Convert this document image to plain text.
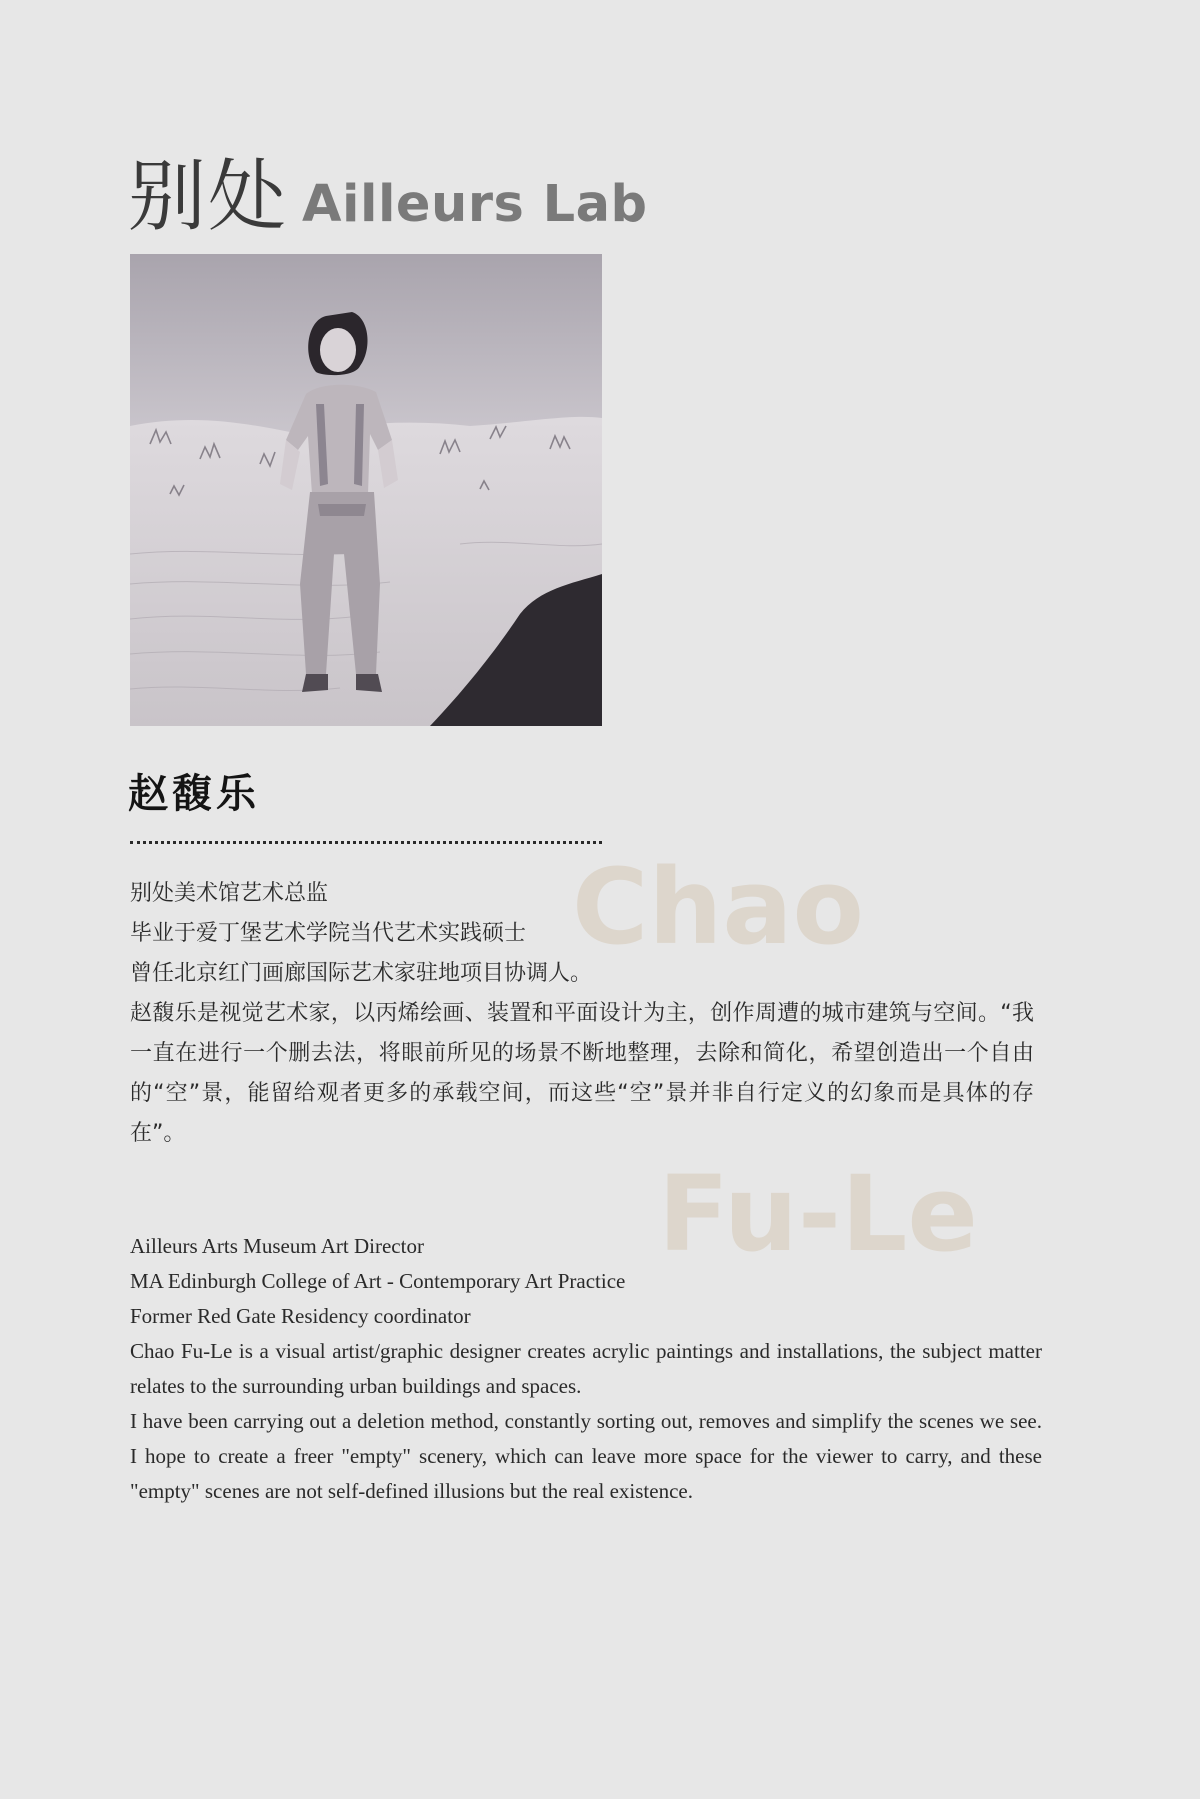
别处 Ailleurs Lab
赵馥乐
Chao
Fu-Le

别处美术馆艺术总监

毕业于爱丁堡艺术学院当代艺术实践硕士

曾任北京红门画廊国际艺术家驻地项目协调人。

赵馥乐是视觉艺术家，以丙烯绘画、装置和平面设计为主，创作周遭的城市建筑与空间。“我一直在进行一个删去法，将眼前所见的场景不断地整理，去除和简化，希望创造出一个自由的“空”景，能留给观者更多的承载空间，而这些“空”景并非自行定义的幻象而是具体的存在”。

Ailleurs Arts Museum Art Director

MA Edinburgh College of Art - Contemporary Art Practice

Former Red Gate Residency coordinator

Chao Fu-Le is a visual artist/graphic designer creates acrylic paintings and installations, the subject matter relates to the surrounding urban buildings and spaces.

I have been carrying out a deletion method, constantly sorting out, removes and simplify the scenes we see. I hope to create a freer "empty" scenery, which can leave more space for the viewer to carry, and these "empty" scenes are not self-defined illusions but the real existence.
